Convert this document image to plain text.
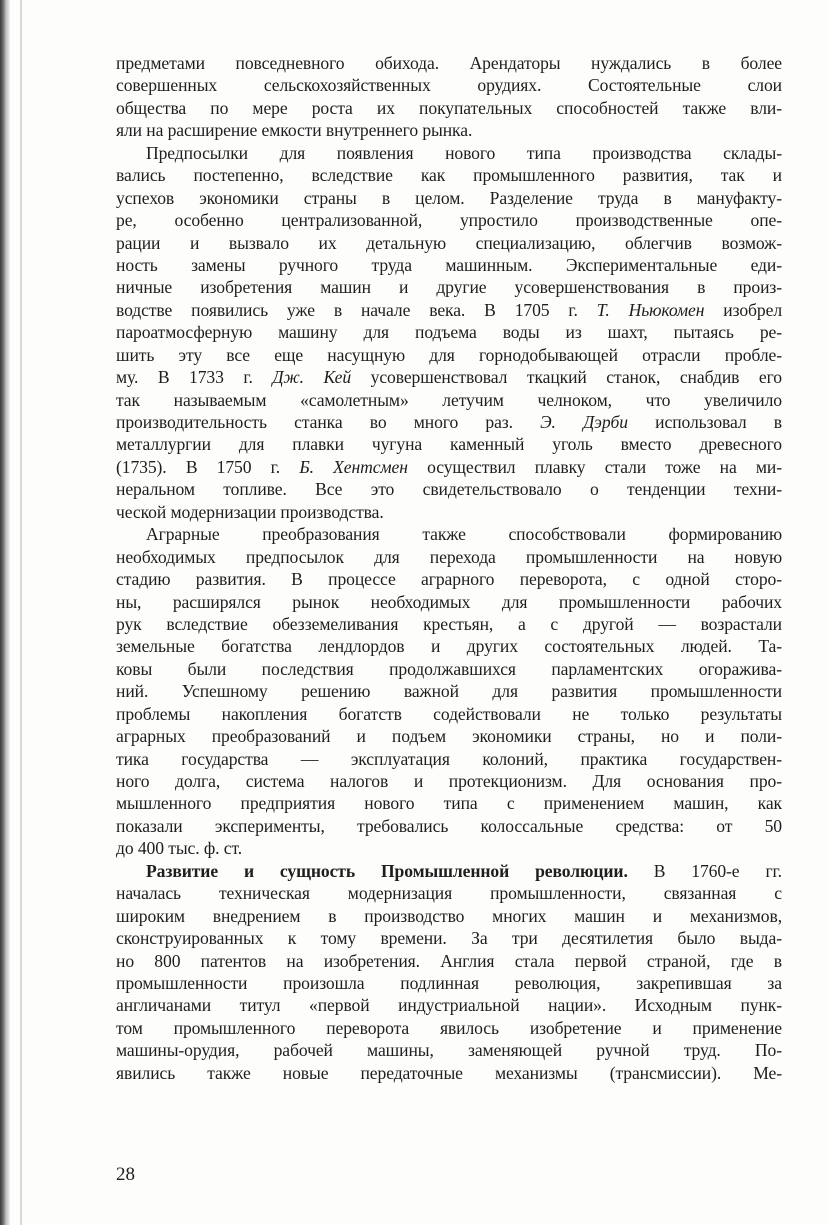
предметами повседневного обихода. Арендаторы нуждались в более
совершенных сельскохозяйственных орудиях. Состоятельные слои
общества по мере роста их покупательных способностей также вли-
яли на расширение емкости внутреннего рынка.
Предпосылки для появления нового типа производства склады-
вались постепенно, вследствие как промышленного развития, так и
успехов экономики страны в целом. Разделение труда в мануфакту-
ре, особенно централизованной, упростило производственные опе-
рации и вызвало их детальную специализацию, облегчив возмож-
ность замены ручного труда машинным. Экспериментальные еди-
ничные изобретения машин и другие усовершенствования в произ-
водстве появились уже в начале века. В 1705 г. Т. Ньюкомен изобрел
пароатмосферную машину для подъема воды из шахт, пытаясь ре-
шить эту все еще насущную для горнодобывающей отрасли пробле-
му. В 1733 г. Дж. Кей усовершенствовал ткацкий станок, снабдив его
так называемым «самолетным» летучим челноком, что увеличило
производительность станка во много раз. Э. Дэрби использовал в
металлургии для плавки чугуна каменный уголь вместо древесного
(1735). В 1750 г. Б. Хентсмен осуществил плавку стали тоже на ми-
неральном топливе. Все это свидетельствовало о тенденции техни-
ческой модернизации производства.
Аграрные преобразования также способствовали формированию
необходимых предпосылок для перехода промышленности на новую
стадию развития. В процессе аграрного переворота, с одной сторо-
ны, расширялся рынок необходимых для промышленности рабочих
рук вследствие обезземеливания крестьян, а с другой — возрастали
земельные богатства лендлордов и других состоятельных людей. Та-
ковы были последствия продолжавшихся парламентских огоражива-
ний. Успешному решению важной для развития промышленности
проблемы накопления богатств содействовали не только результаты
аграрных преобразований и подъем экономики страны, но и поли-
тика государства — эксплуатация колоний, практика государствен-
ного долга, система налогов и протекционизм. Для основания про-
мышленного предприятия нового типа с применением машин, как
показали эксперименты, требовались колоссальные средства: от 50
до 400 тыс. ф. ст.
Развитие и сущность Промышленной революции. В 1760-е гг.
началась техническая модернизация промышленности, связанная с
широким внедрением в производство многих машин и механизмов,
сконструированных к тому времени. За три десятилетия было выда-
но 800 патентов на изобретения. Англия стала первой страной, где в
промышленности произошла подлинная революция, закрепившая за
англичанами титул «первой индустриальной нации». Исходным пунк-
том промышленного переворота явилось изобретение и применение
машины-орудия, рабочей машины, заменяющей ручной труд. По-
явились также новые передаточные механизмы (трансмиссии). Ме-
28
